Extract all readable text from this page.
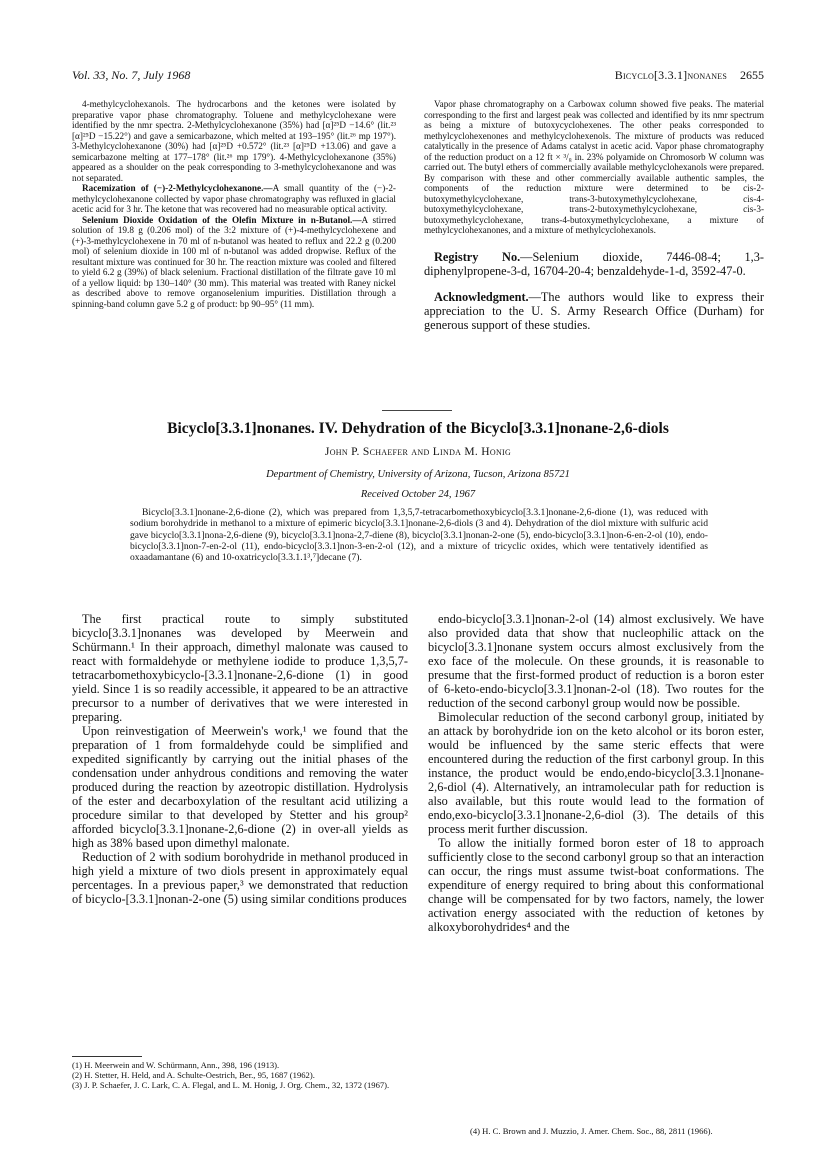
Vol. 33, No. 7, July 1968	Bicyclo[3.3.1]nonanes 2655

4-methylcyclohexanols. The hydrocarbons and the ketones were isolated by preparative vapor phase chromatography. Toluene and methylcyclohexane were identified by the nmr spectra. 2-Methylcyclohexanone (35%) had [α]²⁵D −14.6° (lit.²³ [α]²⁵D −15.22°) and gave a semicarbazone, which melted at 193–195° (lit.²⁶ mp 197°). 3-Methylcyclohexanone (30%) had [α]²⁵D +0.572° (lit.²³ [α]²⁵D +13.06) and gave a semicarbazone melting at 177–178° (lit.²⁶ mp 179°). 4-Methylcyclohexanone (35%) appeared as a shoulder on the peak corresponding to 3-methylcyclohexanone and was not separated.

Racemization of (−)-2-Methylcyclohexanone.—A small quantity of the (−)-2-methylcyclohexanone collected by vapor phase chromatography was refluxed in glacial acetic acid for 3 hr. The ketone that was recovered had no measurable optical activity.

Selenium Dioxide Oxidation of the Olefin Mixture in n-Butanol.—A stirred solution of 19.8 g (0.206 mol) of the 3:2 mixture of (+)-4-methylcyclohexene and (+)-3-methylcyclohexene in 70 ml of n-butanol was heated to reflux and 22.2 g (0.200 mol) of selenium dioxide in 100 ml of n-butanol was added dropwise. Reflux of the resultant mixture was continued for 30 hr. The reaction mixture was cooled and filtered to yield 6.2 g (39%) of black selenium. Fractional distillation of the filtrate gave 10 ml of a yellow liquid: bp 130–140° (30 mm). This material was treated with Raney nickel as described above to remove organoselenium impurities. Distillation through a spinning-band column gave 5.2 g of product: bp 90–95° (11 mm).

Vapor phase chromatography on a Carbowax column showed five peaks. The material corresponding to the first and largest peak was collected and identified by its nmr spectrum as being a mixture of butoxycyclohexenes. The other peaks corresponded to methylcyclohexenones and methylcyclohexenols. The mixture of products was reduced catalytically in the presence of Adams catalyst in acetic acid. Vapor phase chromatography of the reduction product on a 12 ft × ³/₈ in. 23% polyamide on Chromosorb W column was carried out. The butyl ethers of commercially available methylcyclohexanols were prepared. By comparison with these and other commercially available authentic samples, the components of the reduction mixture were determined to be cis-2-butoxymethylcyclohexane, trans-3-butoxymethylcyclohexane, cis-4-butoxymethylcyclohexane, trans-2-butoxymethylcyclohexane, cis-3-butoxymethylcyclohexane, trans-4-butoxymethylcyclohexane, a mixture of methylcyclohexanones, and a mixture of methylcyclohexanols.

Registry No.—Selenium dioxide, 7446-08-4; 1,3-diphenylpropene-3-d, 16704-20-4; benzaldehyde-1-d, 3592-47-0.

Acknowledgment.—The authors would like to express their appreciation to the U. S. Army Research Office (Durham) for generous support of these studies.

Bicyclo[3.3.1]nonanes. IV. Dehydration of the Bicyclo[3.3.1]nonane-2,6-diols
John P. Schaefer and Linda M. Honig
Department of Chemistry, University of Arizona, Tucson, Arizona 85721
Received October 24, 1967
Bicyclo[3.3.1]nonane-2,6-dione (2), which was prepared from 1,3,5,7-tetracarbomethoxybicyclo[3.3.1]nonane-2,6-dione (1), was reduced with sodium borohydride in methanol to a mixture of epimeric bicyclo[3.3.1]nonane-2,6-diols (3 and 4). Dehydration of the diol mixture with sulfuric acid gave bicyclo[3.3.1]nona-2,6-diene (9), bicyclo[3.3.1]nona-2,7-diene (8), bicyclo[3.3.1]nonan-2-one (5), endo-bicyclo[3.3.1]non-6-en-2-ol (10), endo-bicyclo[3.3.1]non-7-en-2-ol (11), endo-bicyclo[3.3.1]non-3-en-2-ol (12), and a mixture of tricyclic oxides, which were tentatively identified as oxaadamantane (6) and 10-oxatricyclo[3.3.1.1³,⁷]decane (7).

The first practical route to simply substituted bicyclo[3.3.1]nonanes was developed by Meerwein and Schürmann.¹ In their approach, dimethyl malonate was caused to react with formaldehyde or methylene iodide to produce 1,3,5,7-tetracarbomethoxybicyclo-[3.3.1]nonane-2,6-dione (1) in good yield. Since 1 is so readily accessible, it appeared to be an attractive precursor to a number of derivatives that we were interested in preparing.

Upon reinvestigation of Meerwein's work,¹ we found that the preparation of 1 from formaldehyde could be simplified and expedited significantly by carrying out the initial phases of the condensation under anhydrous conditions and removing the water produced during the reaction by azeotropic distillation. Hydrolysis of the ester and decarboxylation of the resultant acid utilizing a procedure similar to that developed by Stetter and his group² afforded bicyclo[3.3.1]nonane-2,6-dione (2) in over-all yields as high as 38% based upon dimethyl malonate.

Reduction of 2 with sodium borohydride in methanol produced in high yield a mixture of two diols present in approximately equal percentages. In a previous paper,³ we demonstrated that reduction of bicyclo-[3.3.1]nonan-2-one (5) using similar conditions produces

endo-bicyclo[3.3.1]nonan-2-ol (14) almost exclusively. We have also provided data that show that nucleophilic attack on the bicyclo[3.3.1]nonane system occurs almost exclusively from the exo face of the molecule. On these grounds, it is reasonable to presume that the first-formed product of reduction is a boron ester of 6-keto-endo-bicyclo[3.3.1]nonan-2-ol (18). Two routes for the reduction of the second carbonyl group would now be possible.

Bimolecular reduction of the second carbonyl group, initiated by an attack by borohydride ion on the keto alcohol or its boron ester, would be influenced by the same steric effects that were encountered during the reduction of the first carbonyl group. In this instance, the product would be endo,endo-bicyclo[3.3.1]nonane-2,6-diol (4). Alternatively, an intramolecular path for reduction is also available, but this route would lead to the formation of endo,exo-bicyclo[3.3.1]nonane-2,6-diol (3). The details of this process merit further discussion.

To allow the initially formed boron ester of 18 to approach sufficiently close to the second carbonyl group so that an interaction can occur, the rings must assume twist-boat conformations. The expenditure of energy required to bring about this conformational change will be compensated for by two factors, namely, the lower activation energy associated with the reduction of ketones by alkoxyborohydrides⁴ and the

(1) H. Meerwein and W. Schürmann, Ann., 398, 196 (1913).
(2) H. Stetter, H. Held, and A. Schulte-Oestrich, Ber., 95, 1687 (1962).
(3) J. P. Schaefer, J. C. Lark, C. A. Flegal, and L. M. Honig, J. Org. Chem., 32, 1372 (1967).
(4) H. C. Brown and J. Muzzio, J. Amer. Chem. Soc., 88, 2811 (1966).
